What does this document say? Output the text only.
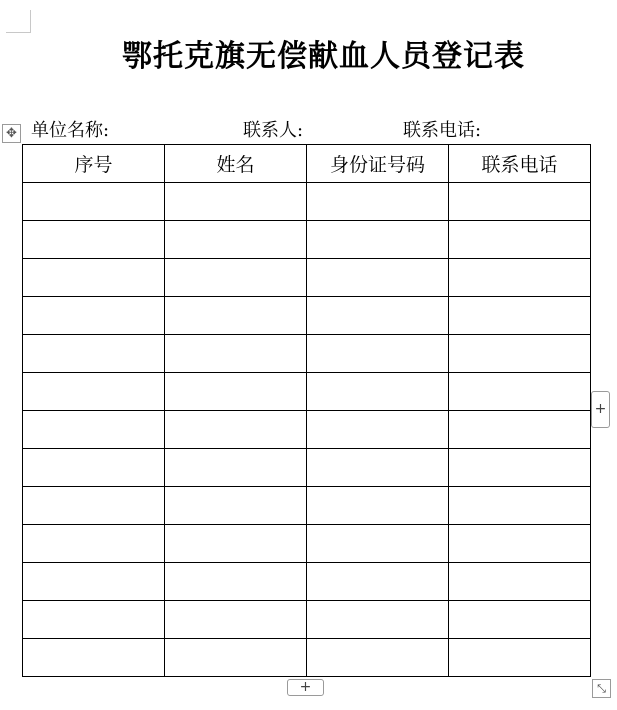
鄂托克旗无偿献血人员登记表
单位名称:	联系人:	联系电话:
✥
序号	姓名	身份证号码	联系电话

+
+	⤡
